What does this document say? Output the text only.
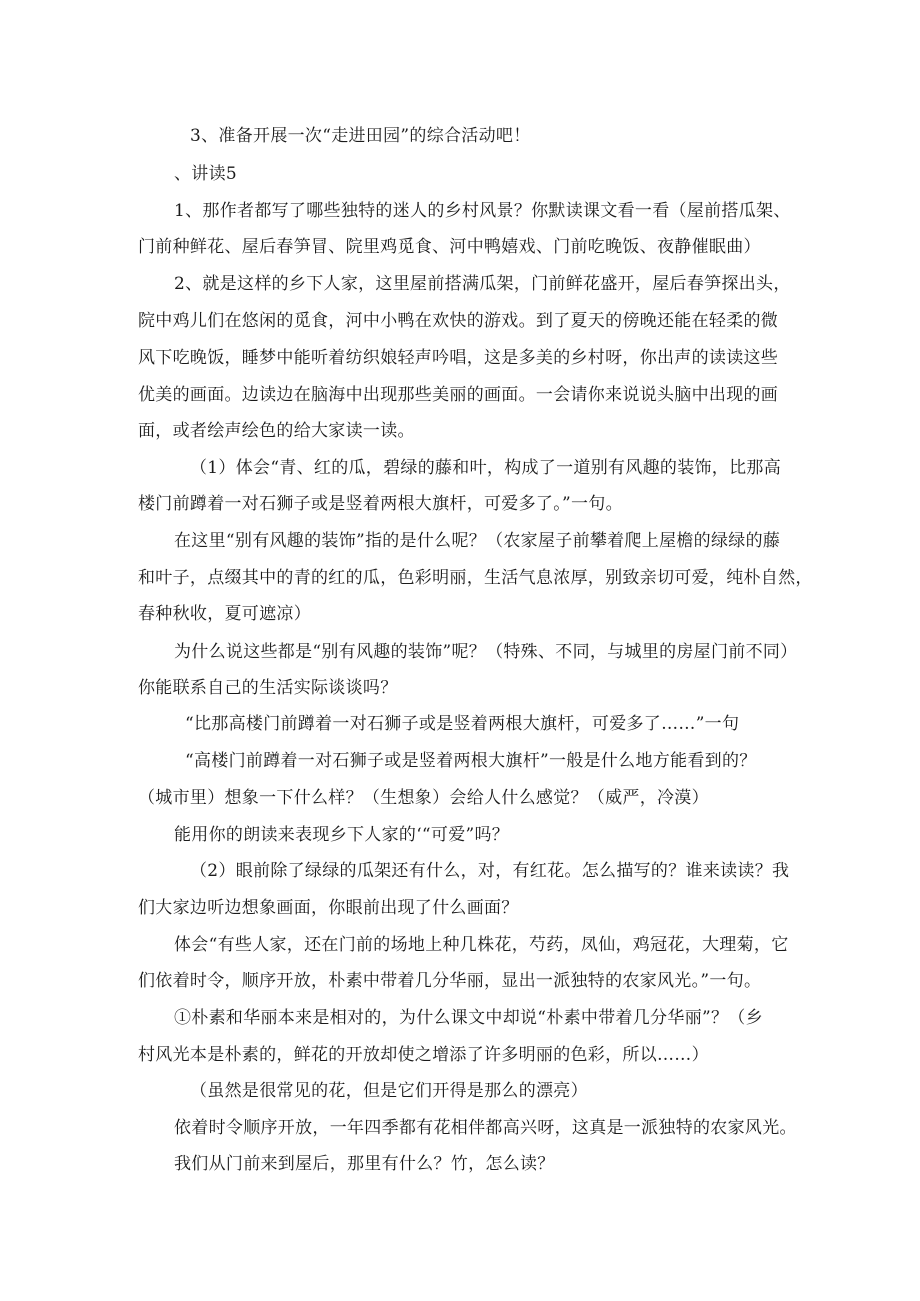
3、准备开展一次“走进田园”的综合活动吧！
、讲读5
1、那作者都写了哪些独特的迷人的乡村风景？你默读课文看一看（屋前搭瓜架、
门前种鲜花、屋后春笋冒、院里鸡觅食、河中鸭嬉戏、门前吃晚饭、夜静催眠曲）
2、就是这样的乡下人家，这里屋前搭满瓜架，门前鲜花盛开，屋后春笋探出头，
院中鸡儿们在悠闲的觅食，河中小鸭在欢快的游戏。到了夏天的傍晚还能在轻柔的微
风下吃晚饭，睡梦中能听着纺织娘轻声吟唱，这是多美的乡村呀，你出声的读读这些
优美的画面。边读边在脑海中出现那些美丽的画面。一会请你来说说头脑中出现的画
面，或者绘声绘色的给大家读一读。
（1）体会“青、红的瓜，碧绿的藤和叶，构成了一道别有风趣的装饰，比那高
楼门前蹲着一对石狮子或是竖着两根大旗杆，可爱多了。”一句。
在这里“别有风趣的装饰”指的是什么呢？（农家屋子前攀着爬上屋檐的绿绿的藤
和叶子，点缀其中的青的红的瓜，色彩明丽，生活气息浓厚，别致亲切可爱，纯朴自然，
春种秋收，夏可遮凉）
为什么说这些都是“别有风趣的装饰”呢？（特殊、不同，与城里的房屋门前不同）
你能联系自己的生活实际谈谈吗？
“比那高楼门前蹲着一对石狮子或是竖着两根大旗杆，可爱多了……”一句
“高楼门前蹲着一对石狮子或是竖着两根大旗杆”一般是什么地方能看到的？
（城市里）想象一下什么样？（生想象）会给人什么感觉？（威严，冷漠）
能用你的朗读来表现乡下人家的‘“可爱”吗？
（2）眼前除了绿绿的瓜架还有什么，对，有红花。怎么描写的？谁来读读？我
们大家边听边想象画面，你眼前出现了什么画面？
体会“有些人家，还在门前的场地上种几株花，芍药，凤仙，鸡冠花，大理菊，它
们依着时令，顺序开放，朴素中带着几分华丽，显出一派独特的农家风光。”一句。
①朴素和华丽本来是相对的，为什么课文中却说“朴素中带着几分华丽”？（乡
村风光本是朴素的，鲜花的开放却使之增添了许多明丽的色彩，所以……）
（虽然是很常见的花，但是它们开得是那么的漂亮）
依着时令顺序开放，一年四季都有花相伴都高兴呀，这真是一派独特的农家风光。
我们从门前来到屋后，那里有什么？竹，怎么读？
